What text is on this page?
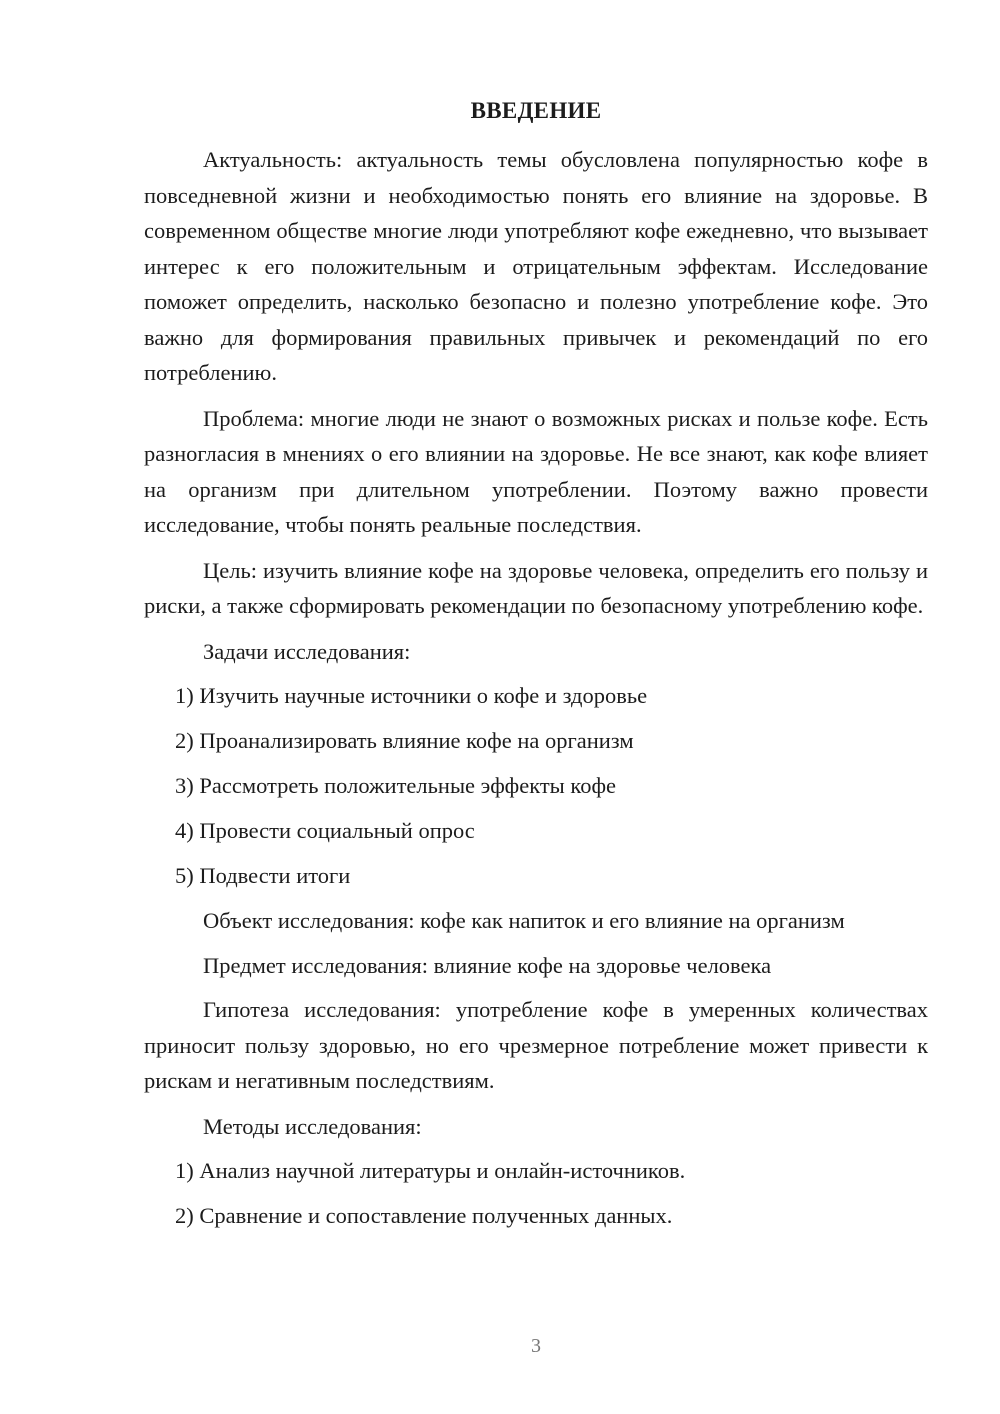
ВВЕДЕНИЕ

Актуальность: актуальность темы обусловлена популярностью кофе в повседневной жизни и необходимостью понять его влияние на здоровье. В современном обществе многие люди употребляют кофе ежедневно, что вызывает интерес к его положительным и отрицательным эффектам. Исследование поможет определить, насколько безопасно и полезно употребление кофе. Это важно для формирования правильных привычек и рекомендаций по его потреблению.

Проблема: многие люди не знают о возможных рисках и пользе кофе. Есть разногласия в мнениях о его влиянии на здоровье. Не все знают, как кофе влияет на организм при длительном употреблении. Поэтому важно провести исследование, чтобы понять реальные последствия.

Цель: изучить влияние кофе на здоровье человека, определить его пользу и риски, а также сформировать рекомендации по безопасному употреблению кофе.

Задачи исследования:

1) Изучить научные источники о кофе и здоровье

2) Проанализировать влияние кофе на организм

3) Рассмотреть положительные эффекты кофе

4) Провести социальный опрос

5) Подвести итоги

Объект исследования: кофе как напиток и его влияние на организм

Предмет исследования: влияние кофе на здоровье человека

Гипотеза исследования: употребление кофе в умеренных количествах приносит пользу здоровью, но его чрезмерное потребление может привести к рискам и негативным последствиям.

Методы исследования:

1) Анализ научной литературы и онлайн-источников.

2) Сравнение и сопоставление полученных данных.

3
